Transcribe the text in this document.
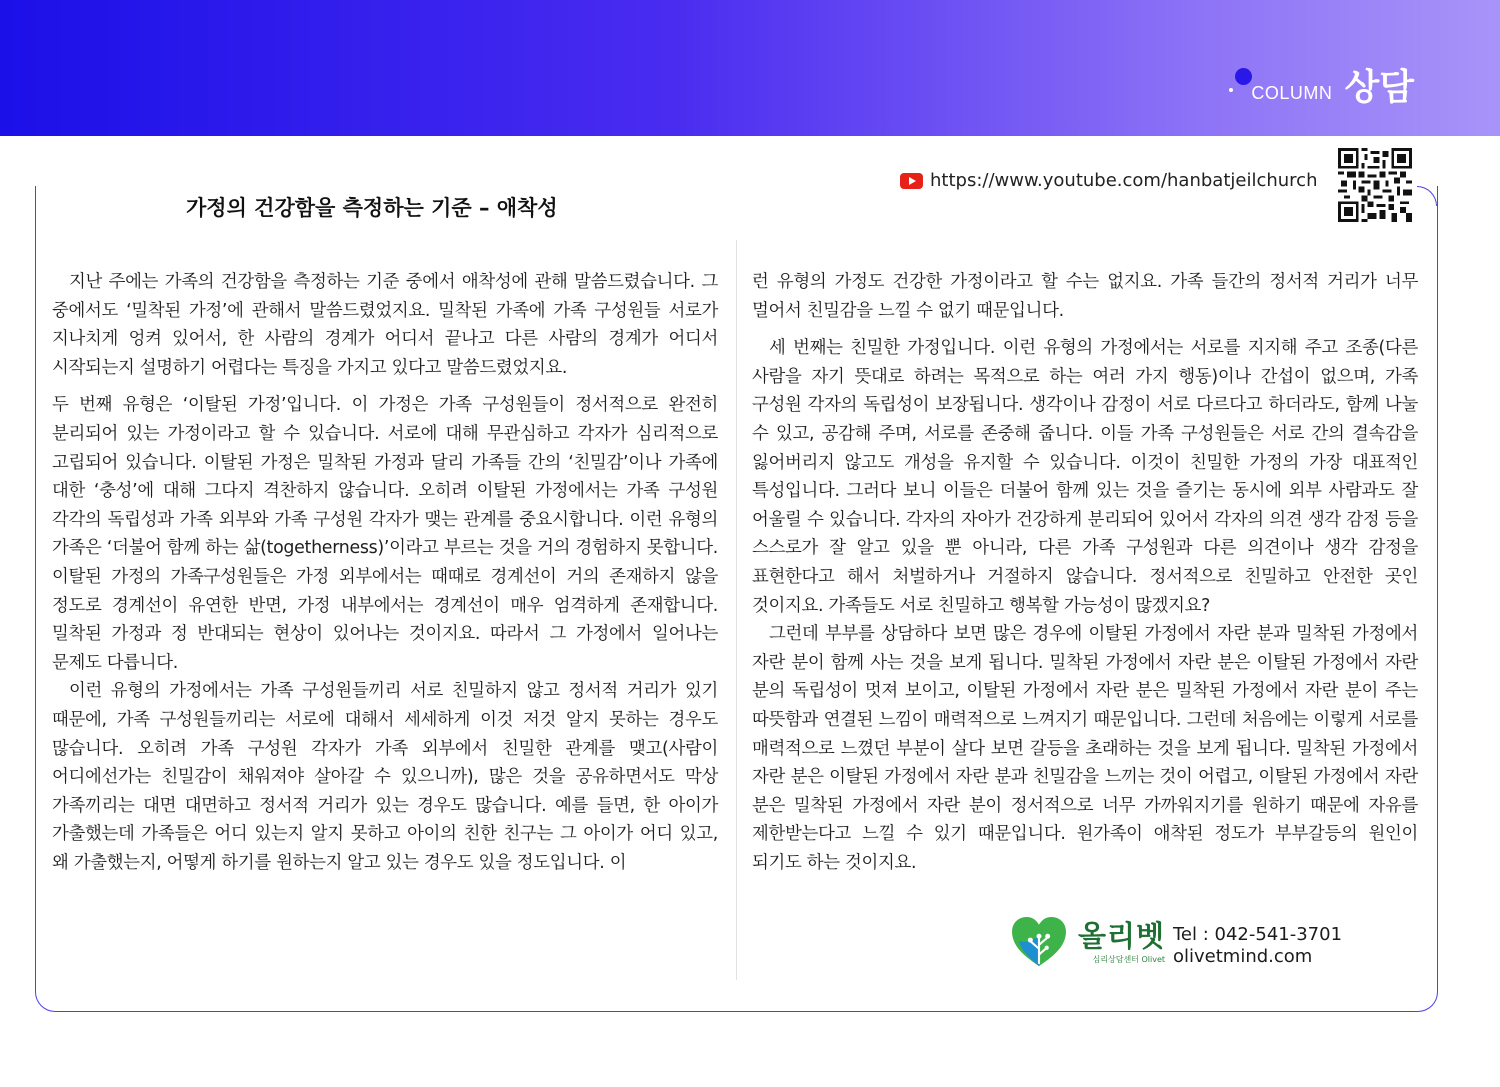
COLUMN 상담
가정의 건강함을 측정하는 기준 – 애착성
https://www.youtube.com/hanbatjeilchurch

지난 주에는 가족의 건강함을 측정하는 기준 중에서 애착성에 관해 말씀드렸습니다. 그 중에서도 ‘밀착된 가정’에 관해서 말씀드렸었지요. 밀착된 가족에 가족 구성원들 서로가 지나치게 엉켜 있어서, 한 사람의 경계가 어디서 끝나고 다른 사람의 경계가 어디서 시작되는지 설명하기 어렵다는 특징을 가지고 있다고 말씀드렸었지요.

두 번째 유형은 ‘이탈된 가정’입니다. 이 가정은 가족 구성원들이 정서적으로 완전히 분리되어 있는 가정이라고 할 수 있습니다. 서로에 대해 무관심하고 각자가 심리적으로 고립되어 있습니다. 이탈된 가정은 밀착된 가정과 달리 가족들 간의 ‘친밀감’이나 가족에 대한 ‘충성’에 대해 그다지 격찬하지 않습니다. 오히려 이탈된 가정에서는 가족 구성원 각각의 독립성과 가족 외부와 가족 구성원 각자가 맺는 관계를 중요시합니다. 이런 유형의 가족은 ‘더불어 함께 하는 삶(togetherness)’이라고 부르는 것을 거의 경험하지 못합니다. 이탈된 가정의 가족구성원들은 가정 외부에서는 때때로 경계선이 거의 존재하지 않을 정도로 경계선이 유연한 반면, 가정 내부에서는 경계선이 매우 엄격하게 존재합니다. 밀착된 가정과 정 반대되는 현상이 있어나는 것이지요. 따라서 그 가정에서 일어나는 문제도 다릅니다.

이런 유형의 가정에서는 가족 구성원들끼리 서로 친밀하지 않고 정서적 거리가 있기 때문에, 가족 구성원들끼리는 서로에 대해서 세세하게 이것 저것 알지 못하는 경우도 많습니다. 오히려 가족 구성원 각자가 가족 외부에서 친밀한 관계를 맺고(사람이 어디에선가는 친밀감이 채워져야 살아갈 수 있으니까), 많은 것을 공유하면서도 막상 가족끼리는 대면 대면하고 정서적 거리가 있는 경우도 많습니다. 예를 들면, 한 아이가 가출했는데 가족들은 어디 있는지 알지 못하고 아이의 친한 친구는 그 아이가 어디 있고, 왜 가출했는지, 어떻게 하기를 원하는지 알고 있는 경우도 있을 정도입니다. 이

런 유형의 가정도 건강한 가정이라고 할 수는 없지요. 가족 들간의 정서적 거리가 너무 멀어서 친밀감을 느낄 수 없기 때문입니다.

세 번째는 친밀한 가정입니다. 이런 유형의 가정에서는 서로를 지지해 주고 조종(다른 사람을 자기 뜻대로 하려는 목적으로 하는 여러 가지 행동)이나 간섭이 없으며, 가족 구성원 각자의 독립성이 보장됩니다. 생각이나 감정이 서로 다르다고 하더라도, 함께 나눌 수 있고, 공감해 주며, 서로를 존중해 줍니다. 이들 가족 구성원들은 서로 간의 결속감을 잃어버리지 않고도 개성을 유지할 수 있습니다. 이것이 친밀한 가정의 가장 대표적인 특성입니다. 그러다 보니 이들은 더불어 함께 있는 것을 즐기는 동시에 외부 사람과도 잘 어울릴 수 있습니다. 각자의 자아가 건강하게 분리되어 있어서 각자의 의견 생각 감정 등을 스스로가 잘 알고 있을 뿐 아니라, 다른 가족 구성원과 다른 의견이나 생각 감정을 표현한다고 해서 처벌하거나 거절하지 않습니다. 정서적으로 친밀하고 안전한 곳인 것이지요. 가족들도 서로 친밀하고 행복할 가능성이 많겠지요?

그런데 부부를 상담하다 보면 많은 경우에 이탈된 가정에서 자란 분과 밀착된 가정에서 자란 분이 함께 사는 것을 보게 됩니다. 밀착된 가정에서 자란 분은 이탈된 가정에서 자란 분의 독립성이 멋져 보이고, 이탈된 가정에서 자란 분은 밀착된 가정에서 자란 분이 주는 따뜻함과 연결된 느낌이 매력적으로 느껴지기 때문입니다. 그런데 처음에는 이렇게 서로를 매력적으로 느꼈던 부분이 살다 보면 갈등을 초래하는 것을 보게 됩니다. 밀착된 가정에서 자란 분은 이탈된 가정에서 자란 분과 친밀감을 느끼는 것이 어렵고, 이탈된 가정에서 자란 분은 밀착된 가정에서 자란 분이 정서적으로 너무 가까워지기를 원하기 때문에 자유를 제한받는다고 느낄 수 있기 때문입니다. 원가족이 애착된 정도가 부부갈등의 원인이 되기도 하는 것이지요.

올리벳
심리상담센터 Olivet
Tel : 042-541-3701
olivetmind.com
